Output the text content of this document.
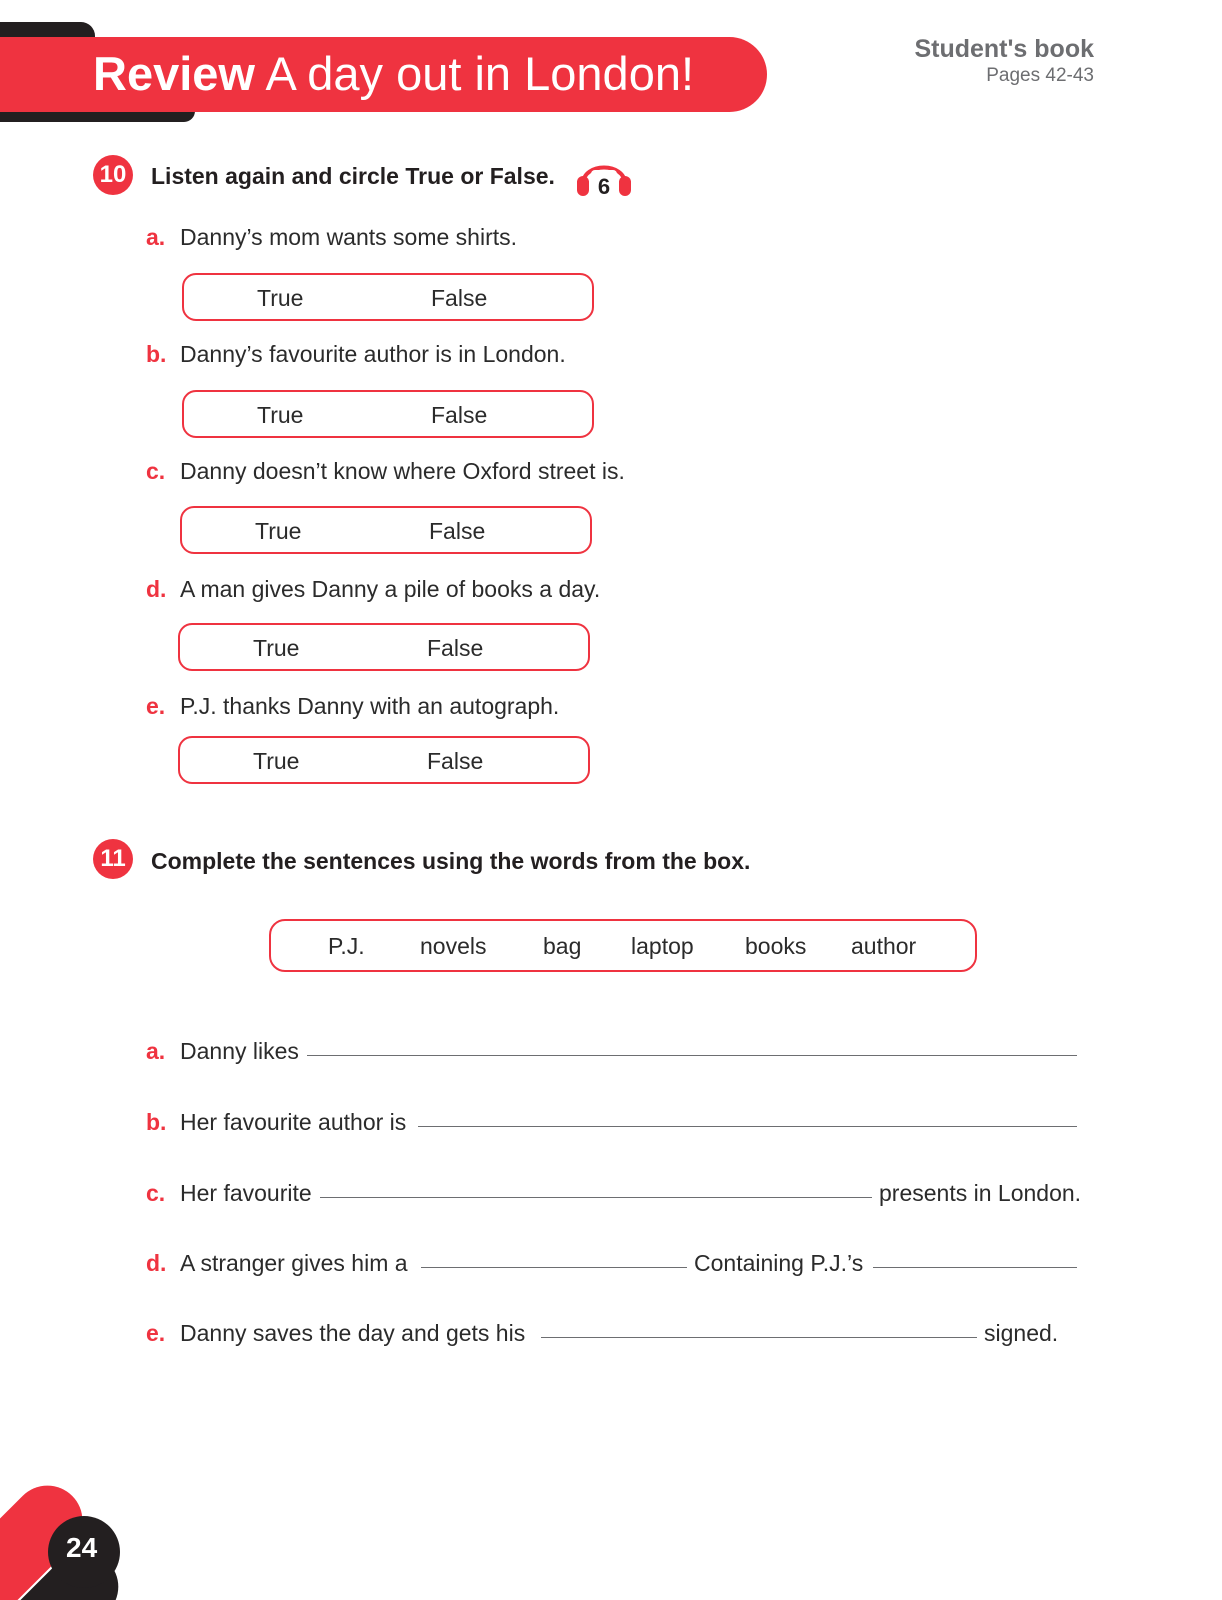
Review A day out in London!	Student's book
Pages 42-43
10 Listen again and circle True or False. 6
a. Danny’s mom wants some shirts.
True	False
b. Danny’s favourite author is in London.
True	False
c. Danny doesn’t know where Oxford street is.
True	False
d. A man gives Danny a pile of books a day.
True	False
e. P.J. thanks Danny with an autograph.
True	False
11	Complete the sentences using the words from the box.
P.J. novels bag laptop books author
a. Danny likes
b. Her favourite author is
c. Her favourite	presents in London.
d. A stranger gives him a	Containing P.J.’s
e. Danny saves the day and gets his	signed.
24
